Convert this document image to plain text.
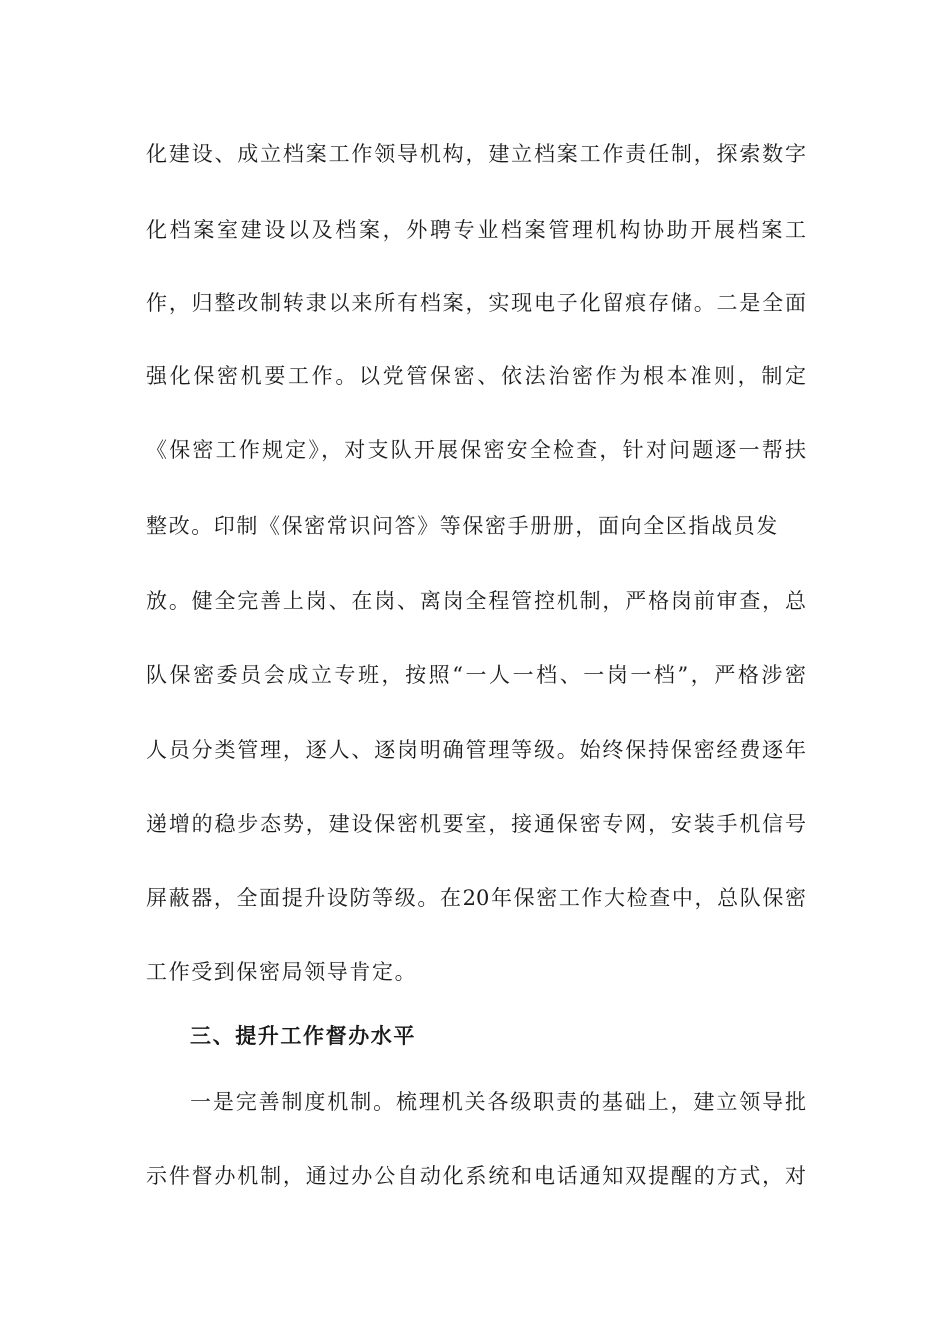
化建设、成立档案工作领导机构，建立档案工作责任制，探索数字
化档案室建设以及档案，外聘专业档案管理机构协助开展档案工
作，归整改制转隶以来所有档案，实现电子化留痕存储。二是全面
强化保密机要工作。以党管保密、依法治密作为根本准则，制定
《保密工作规定》，对支队开展保密安全检查，针对问题逐一帮扶
整改。印制《保密常识问答》等保密手册册，面向全区指战员发
放。健全完善上岗、在岗、离岗全程管控机制，严格岗前审查，总
队保密委员会成立专班，按照“一人一档、一岗一档”，严格涉密
人员分类管理，逐人、逐岗明确管理等级。始终保持保密经费逐年
递增的稳步态势，建设保密机要室，接通保密专网，安装手机信号
屏蔽器，全面提升设防等级。在20年保密工作大检查中，总队保密
工作受到保密局领导肯定。
三、提升工作督办水平
一是完善制度机制。梳理机关各级职责的基础上，建立领导批
示件督办机制，通过办公自动化系统和电话通知双提醒的方式，对
